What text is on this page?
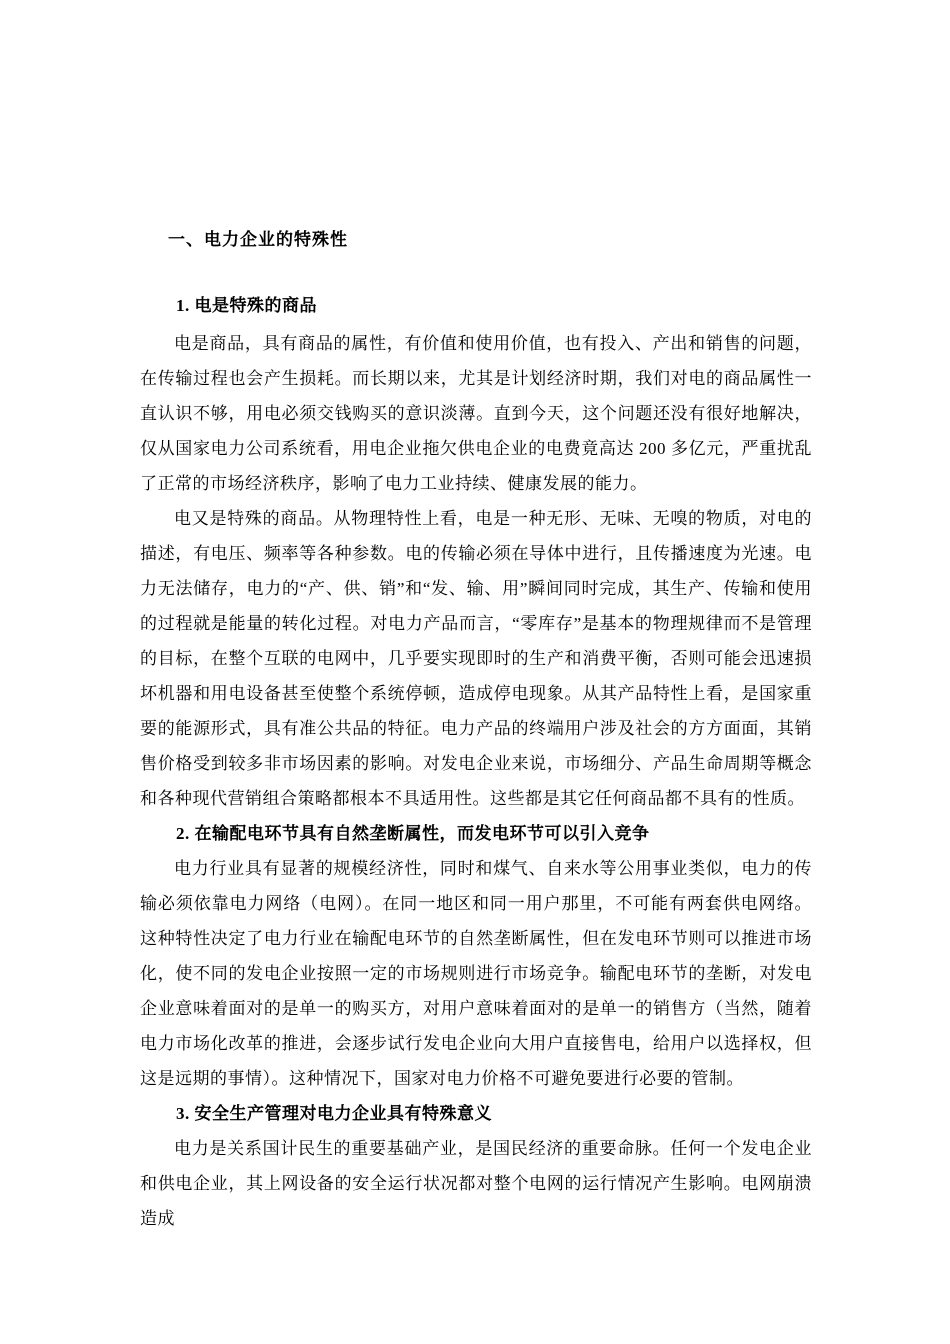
一、电力企业的特殊性
1. 电是特殊的商品

电是商品，具有商品的属性，有价值和使用价值，也有投入、产出和销售的问题，在传输过程也会产生损耗。而长期以来，尤其是计划经济时期，我们对电的商品属性一直认识不够，用电必须交钱购买的意识淡薄。直到今天，这个问题还没有很好地解决，仅从国家电力公司系统看，用电企业拖欠供电企业的电费竟高达 200 多亿元，严重扰乱了正常的市场经济秩序，影响了电力工业持续、健康发展的能力。

电又是特殊的商品。从物理特性上看，电是一种无形、无味、无嗅的物质，对电的描述，有电压、频率等各种参数。电的传输必须在导体中进行，且传播速度为光速。电力无法储存，电力的“产、供、销”和“发、输、用”瞬间同时完成，其生产、传输和使用的过程就是能量的转化过程。对电力产品而言，“零库存”是基本的物理规律而不是管理的目标，在整个互联的电网中，几乎要实现即时的生产和消费平衡，否则可能会迅速损坏机器和用电设备甚至使整个系统停顿，造成停电现象。从其产品特性上看，是国家重要的能源形式，具有准公共品的特征。电力产品的终端用户涉及社会的方方面面，其销售价格受到较多非市场因素的影响。对发电企业来说，市场细分、产品生命周期等概念和各种现代营销组合策略都根本不具适用性。这些都是其它任何商品都不具有的性质。

2. 在输配电环节具有自然垄断属性，而发电环节可以引入竞争

电力行业具有显著的规模经济性，同时和煤气、自来水等公用事业类似，电力的传输必须依靠电力网络（电网）。在同一地区和同一用户那里，不可能有两套供电网络。这种特性决定了电力行业在输配电环节的自然垄断属性，但在发电环节则可以推进市场化，使不同的发电企业按照一定的市场规则进行市场竞争。输配电环节的垄断，对发电企业意味着面对的是单一的购买方，对用户意味着面对的是单一的销售方（当然，随着电力市场化改革的推进，会逐步试行发电企业向大用户直接售电，给用户以选择权，但这是远期的事情）。这种情况下，国家对电力价格不可避免要进行必要的管制。

3. 安全生产管理对电力企业具有特殊意义

电力是关系国计民生的重要基础产业，是国民经济的重要命脉。任何一个发电企业和供电企业，其上网设备的安全运行状况都对整个电网的运行情况产生影响。电网崩溃造成
